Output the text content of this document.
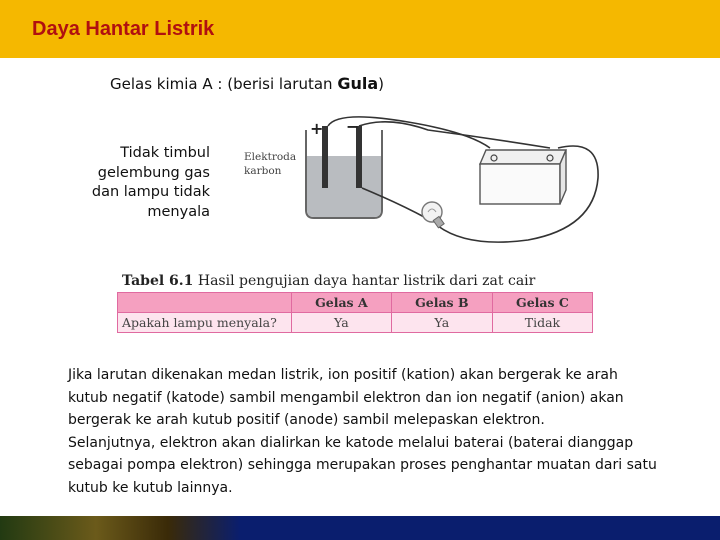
Daya Hantar Listrik
Gelas kimia A : (berisi larutan Gula)
Tidak timbul
gelembung gas
dan lampu tidak
menyala
+ −
Elektroda
karbon
Tabel 6.1 Hasil pengujian daya hantar listrik dari zat cair
	Gelas A	Gelas B	Gelas C
Apakah lampu menyala?	Ya	Ya	Tidak

Jika larutan dikenakan medan listrik, ion positif (kation) akan bergerak ke arah

kutub negatif (katode) sambil mengambil elektron dan ion negatif (anion) akan

bergerak ke arah kutub positif (anode) sambil melepaskan elektron.

Selanjutnya, elektron akan dialirkan ke katode melalui baterai (baterai dianggap

sebagai pompa elektron) sehingga merupakan proses penghantar muatan dari satu

kutub ke kutub lainnya.
